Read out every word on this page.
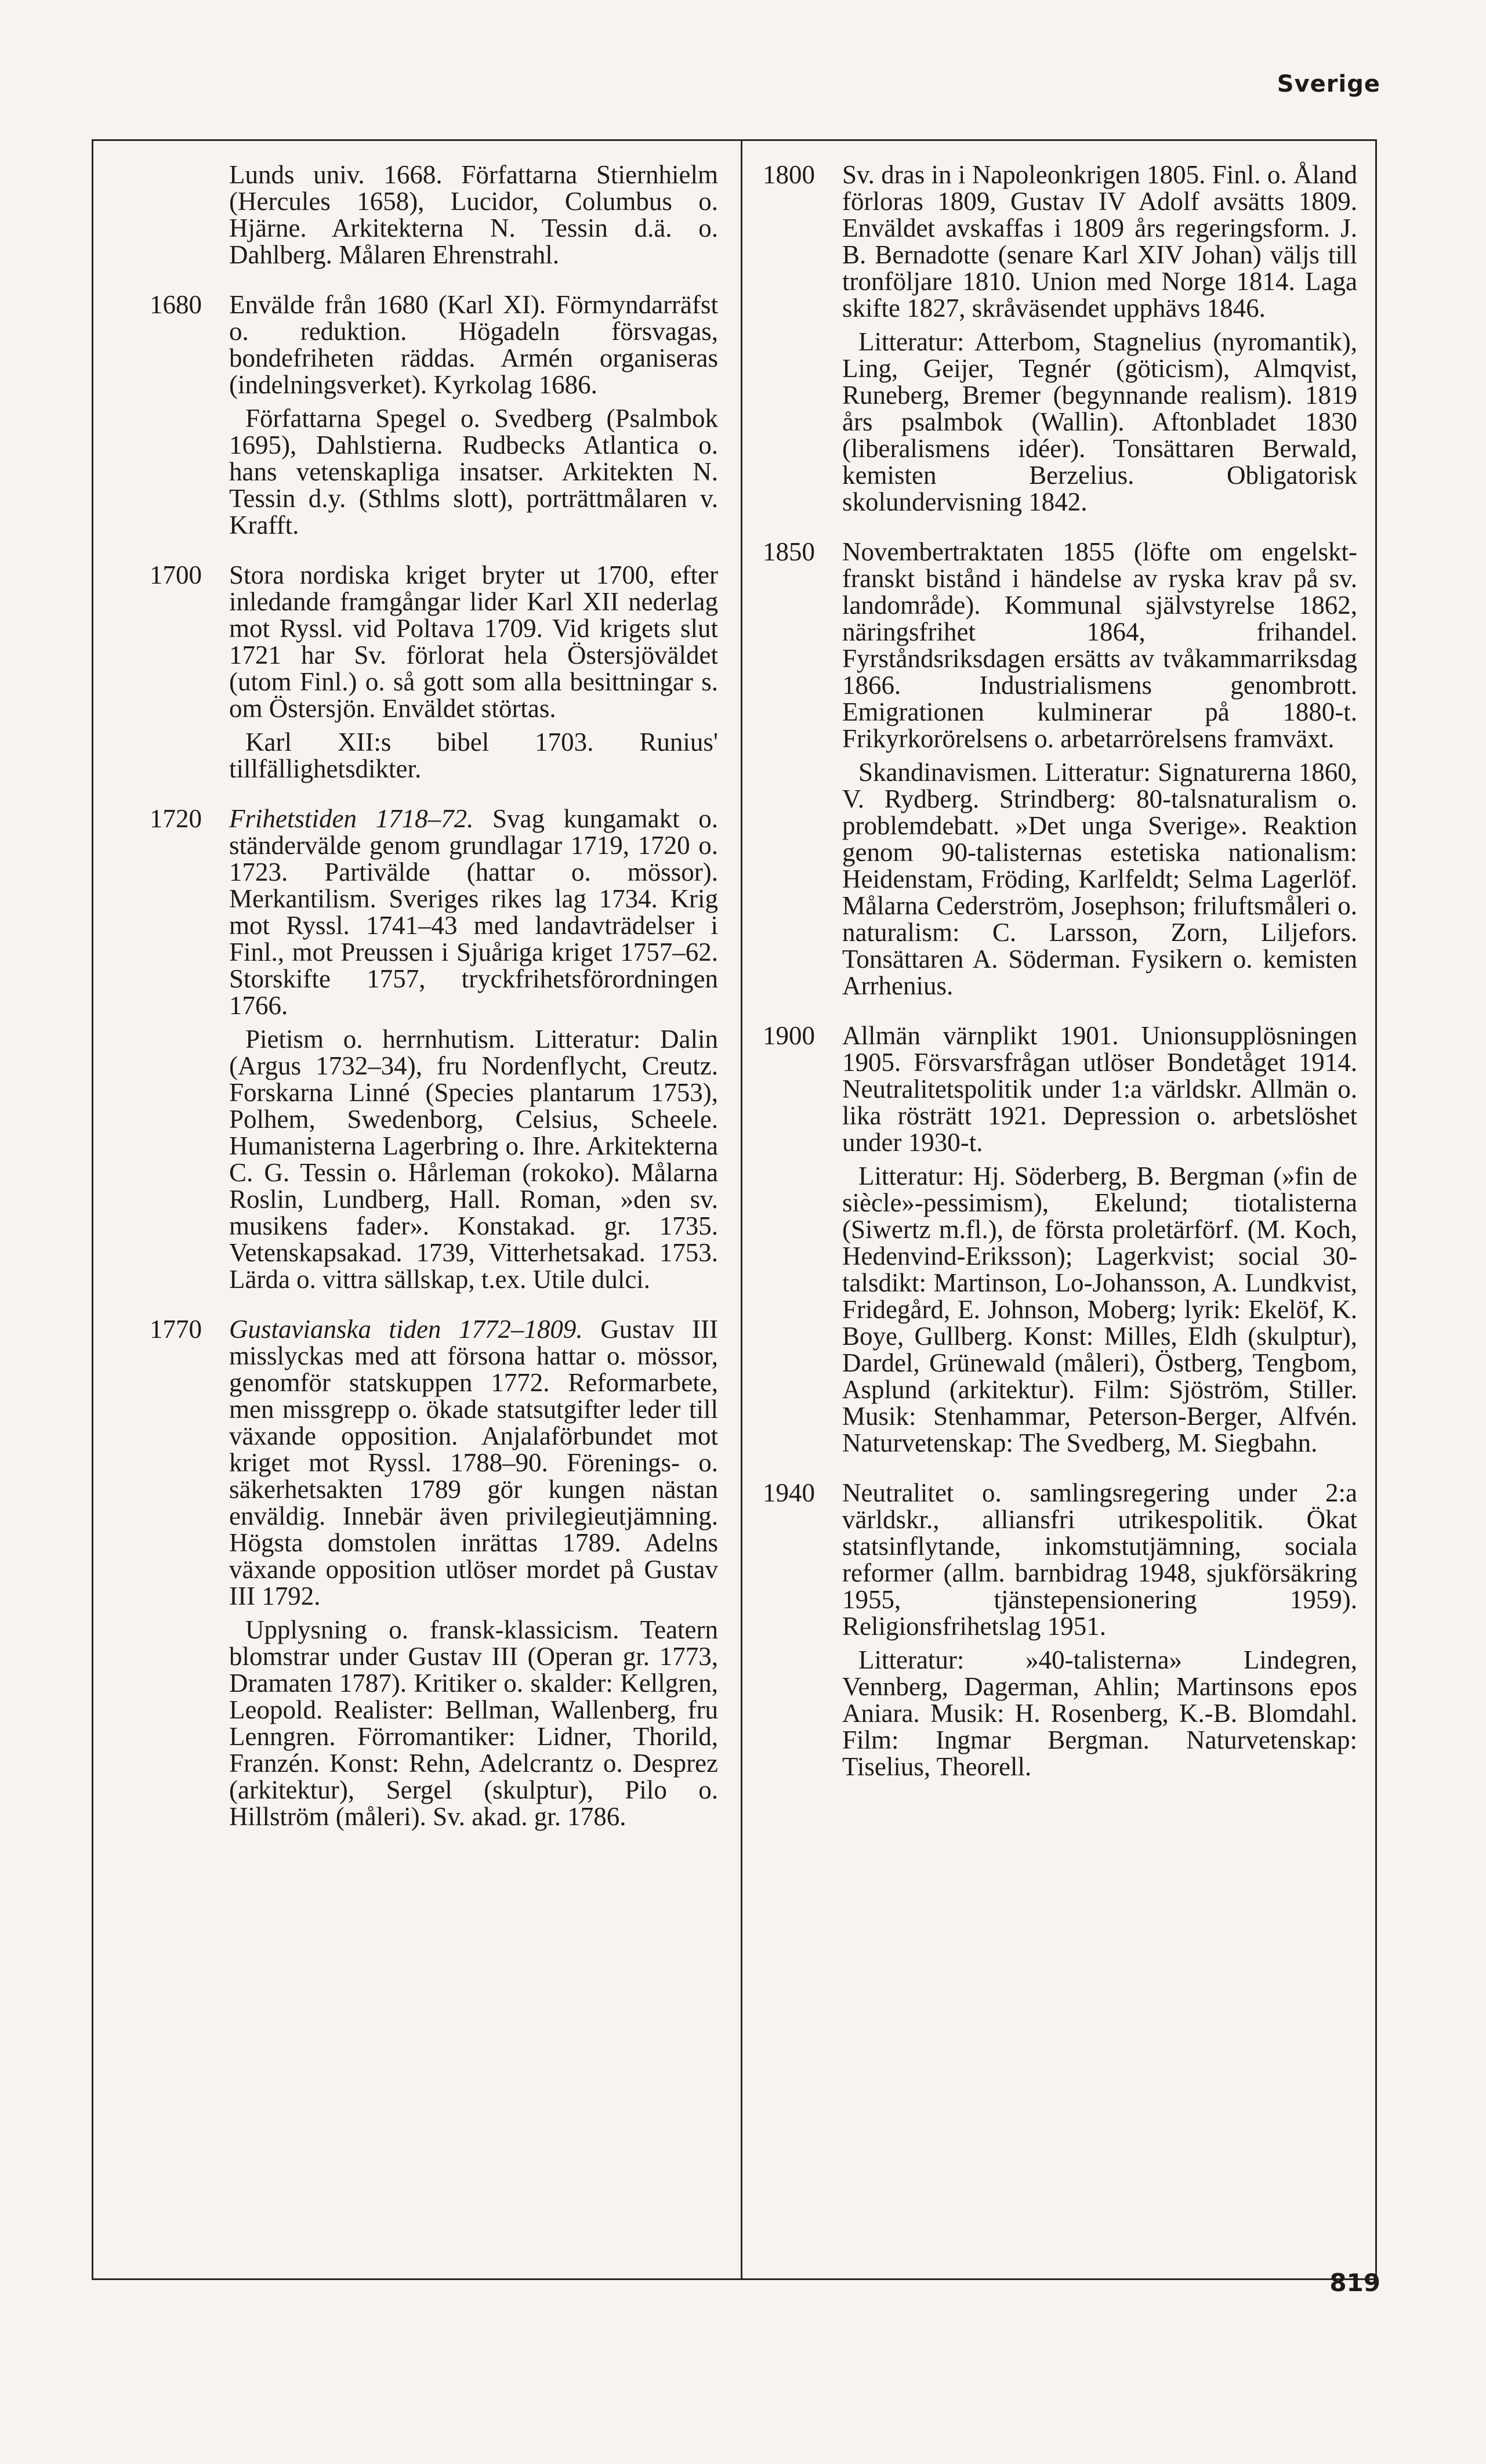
Sverige

Lunds univ. 1668. Författarna Stiernhielm (Hercules 1658), Lucidor, Columbus o. Hjärne. Arkitekterna N. Tessin d.ä. o. Dahlberg. Målaren Ehrenstrahl.

1680 Envälde från 1680 (Karl XI). Förmyndarräfst o. reduktion. Högadeln försvagas, bondefriheten räddas. Armén organiseras (indelningsverket). Kyrkolag 1686.

Författarna Spegel o. Svedberg (Psalmbok 1695), Dahlstierna. Rudbecks Atlantica o. hans vetenskapliga insatser. Arkitekten N. Tessin d.y. (Sthlms slott), porträttmålaren v. Krafft.

1700 Stora nordiska kriget bryter ut 1700, efter inledande framgångar lider Karl XII nederlag mot Ryssl. vid Poltava 1709. Vid krigets slut 1721 har Sv. förlorat hela Östersjöväldet (utom Finl.) o. så gott som alla besittningar s. om Östersjön. Enväldet störtas.

Karl XII:s bibel 1703. Runius' tillfällighetsdikter.

1720 Frihetstiden 1718–72. Svag kungamakt o. ständervälde genom grundlagar 1719, 1720 o. 1723. Partivälde (hattar o. mössor). Merkantilism. Sveriges rikes lag 1734. Krig mot Ryssl. 1741–43 med landavträdelser i Finl., mot Preussen i Sjuåriga kriget 1757–62. Storskifte 1757, tryckfrihetsförordningen 1766.

Pietism o. herrnhutism. Litteratur: Dalin (Argus 1732–34), fru Nordenflycht, Creutz. Forskarna Linné (Species plantarum 1753), Polhem, Swedenborg, Celsius, Scheele. Humanisterna Lagerbring o. Ihre. Arkitekterna C. G. Tessin o. Hårleman (rokoko). Målarna Roslin, Lundberg, Hall. Roman, »den sv. musikens fader». Konstakad. gr. 1735. Vetenskapsakad. 1739, Vitterhetsakad. 1753. Lärda o. vittra sällskap, t.ex. Utile dulci.

1770 Gustavianska tiden 1772–1809. Gustav III misslyckas med att försona hattar o. mössor, genomför statskuppen 1772. Reformarbete, men missgrepp o. ökade statsutgifter leder till växande opposition. Anjalaförbundet mot kriget mot Ryssl. 1788–90. Förenings- o. säkerhetsakten 1789 gör kungen nästan enväldig. Innebär även privilegieutjämning. Högsta domstolen inrättas 1789. Adelns växande opposition utlöser mordet på Gustav III 1792.

Upplysning o. fransk-klassicism. Teatern blomstrar under Gustav III (Operan gr. 1773, Dramaten 1787). Kritiker o. skalder: Kellgren, Leopold. Realister: Bellman, Wallenberg, fru Lenngren. Förromantiker: Lidner, Thorild, Franzén. Konst: Rehn, Adelcrantz o. Desprez (arkitektur), Sergel (skulptur), Pilo o. Hillström (måleri). Sv. akad. gr. 1786.

1800 Sv. dras in i Napoleonkrigen 1805. Finl. o. Åland förloras 1809, Gustav IV Adolf avsätts 1809. Enväldet avskaffas i 1809 års regeringsform. J. B. Bernadotte (senare Karl XIV Johan) väljs till tronföljare 1810. Union med Norge 1814. Laga skifte 1827, skråväsendet upphävs 1846.

Litteratur: Atterbom, Stagnelius (nyromantik), Ling, Geijer, Tegnér (göticism), Almqvist, Runeberg, Bremer (begynnande realism). 1819 års psalmbok (Wallin). Aftonbladet 1830 (liberalismens idéer). Tonsättaren Berwald, kemisten Berzelius. Obligatorisk skolundervisning 1842.

1850 Novembertraktaten 1855 (löfte om engelskt-franskt bistånd i händelse av ryska krav på sv. landområde). Kommunal självstyrelse 1862, näringsfrihet 1864, frihandel. Fyrståndsriksdagen ersätts av tvåkammarriksdag 1866. Industrialismens genombrott. Emigrationen kulminerar på 1880-t. Frikyrkorörelsens o. arbetarrörelsens framväxt.

Skandinavismen. Litteratur: Signaturerna 1860, V. Rydberg. Strindberg: 80-talsnaturalism o. problemdebatt. »Det unga Sverige». Reaktion genom 90-talisternas estetiska nationalism: Heidenstam, Fröding, Karlfeldt; Selma Lagerlöf. Målarna Cederström, Josephson; friluftsmåleri o. naturalism: C. Larsson, Zorn, Liljefors. Tonsättaren A. Söderman. Fysikern o. kemisten Arrhenius.

1900 Allmän värnplikt 1901. Unionsupplösningen 1905. Försvarsfrågan utlöser Bondetåget 1914. Neutralitetspolitik under 1:a världskr. Allmän o. lika rösträtt 1921. Depression o. arbetslöshet under 1930-t.

Litteratur: Hj. Söderberg, B. Bergman (»fin de siècle»-pessimism), Ekelund; tiotalisterna (Siwertz m.fl.), de första proletärförf. (M. Koch, Hedenvind-Eriksson); Lagerkvist; social 30-talsdikt: Martinson, Lo-Johansson, A. Lundkvist, Fridegård, E. Johnson, Moberg; lyrik: Ekelöf, K. Boye, Gullberg. Konst: Milles, Eldh (skulptur), Dardel, Grünewald (måleri), Östberg, Tengbom, Asplund (arkitektur). Film: Sjöström, Stiller. Musik: Stenhammar, Peterson-Berger, Alfvén. Naturvetenskap: The Svedberg, M. Siegbahn.

1940 Neutralitet o. samlingsregering under 2:a världskr., alliansfri utrikespolitik. Ökat statsinflytande, inkomstutjämning, sociala reformer (allm. barnbidrag 1948, sjukförsäkring 1955, tjänstepensionering 1959). Religionsfrihetslag 1951.

Litteratur: »40-talisterna» Lindegren, Vennberg, Dagerman, Ahlin; Martinsons epos Aniara. Musik: H. Rosenberg, K.-B. Blomdahl. Film: Ingmar Bergman. Naturvetenskap: Tiselius, Theorell.

819
